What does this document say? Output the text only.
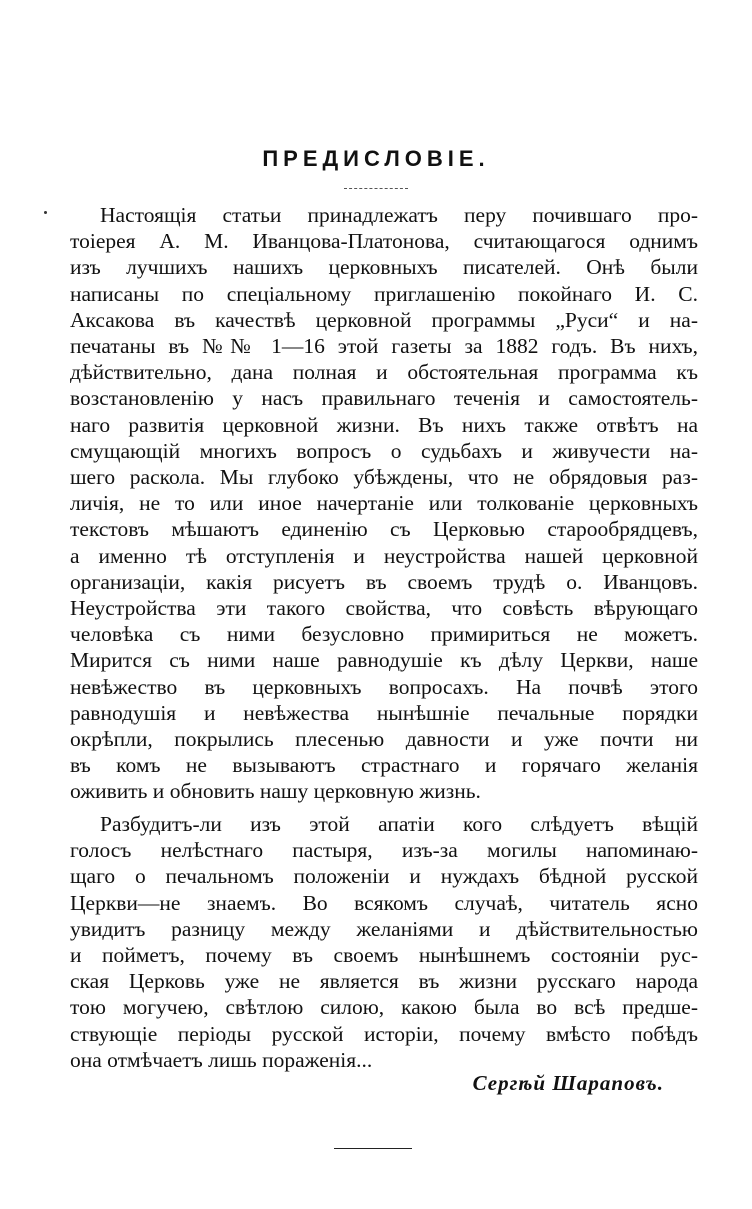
ПРЕДИСЛОВІЕ.
Настоящія статьи принадлежатъ перу почившаго про-
тоіерея А. М. Иванцова-Платонова, считающагося однимъ
изъ лучшихъ нашихъ церковныхъ писателей. Онѣ были
написаны по спеціальному приглашенію покойнаго И. С.
Аксакова въ качествѣ церковной программы „Руси“ и на-
печатаны въ №№ 1—16 этой газеты за 1882 годъ. Въ нихъ,
дѣйствительно, дана полная и обстоятельная программа къ
возстановленію у насъ правильнаго теченія и самостоятель-
наго развитія церковной жизни. Въ нихъ также отвѣтъ на
смущающій многихъ вопросъ о судьбахъ и живучести на-
шего раскола. Мы глубоко убѣждены, что не обрядовыя раз-
личія, не то или иное начертаніе или толкованіе церковныхъ
текстовъ мѣшаютъ единенію съ Церковью старообрядцевъ,
а именно тѣ отступленія и неустройства нашей церковной
организаціи, какія рисуетъ въ своемъ трудѣ о. Иванцовъ.
Неустройства эти такого свойства, что совѣсть вѣрующаго
человѣка съ ними безусловно примириться не можетъ.
Мирится съ ними наше равнодушіе къ дѣлу Церкви, наше
невѣжество въ церковныхъ вопросахъ. На почвѣ этого
равнодушія и невѣжества нынѣшніе печальные порядки
окрѣпли, покрылись плесенью давности и уже почти ни
въ комъ не вызываютъ страстнаго и горячаго желанія
оживить и обновить нашу церковную жизнь.
Разбудитъ-ли изъ этой апатіи кого слѣдуетъ вѣщій
голосъ нелѣстнаго пастыря, изъ-за могилы напоминаю-
щаго о печальномъ положеніи и нуждахъ бѣдной русской
Церкви—не знаемъ. Во всякомъ случаѣ, читатель ясно
увидитъ разницу между желаніями и дѣйствительностью
и пойметъ, почему въ своемъ нынѣшнемъ состояніи рус-
ская Церковь уже не является въ жизни русскаго народа
тою могучею, свѣтлою силою, какою была во всѣ предше-
ствующіе періоды русской исторіи, почему вмѣсто побѣдъ
она отмѣчаетъ лишь пораженія...
Сергѣй Шараповъ.
